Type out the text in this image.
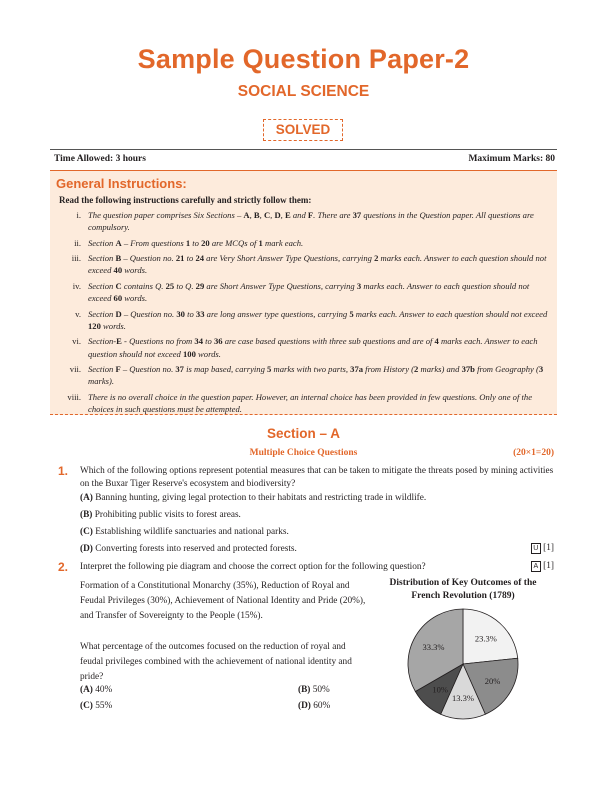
Sample Question Paper-2
SOCIAL SCIENCE
SOLVED
Time Allowed: 3 hours	Maximum Marks: 80
General Instructions:
Read the following instructions carefully and strictly follow them:
i. The question paper comprises Six Sections – A, B, C, D, E and F. There are 37 questions in the Question paper. All questions are compulsory.
ii. Section A – From questions 1 to 20 are MCQs of 1 mark each.
iii. Section B – Question no. 21 to 24 are Very Short Answer Type Questions, carrying 2 marks each. Answer to each question should not exceed 40 words.
iv. Section C contains Q. 25 to Q. 29 are Short Answer Type Questions, carrying 3 marks each. Answer to each question should not exceed 60 words.
v. Section D – Question no. 30 to 33 are long answer type questions, carrying 5 marks each. Answer to each question should not exceed 120 words.
vi. Section-E - Questions no from 34 to 36 are case based questions with three sub questions and are of 4 marks each. Answer to each question should not exceed 100 words.
vii. Section F – Question no. 37 is map based, carrying 5 marks with two parts, 37a from History (2 marks) and 37b from Geography (3 marks).
viii. There is no overall choice in the question paper. However, an internal choice has been provided in few questions. Only one of the choices in such questions must be attempted.
Section – A
Multiple Choice Questions	(20×1=20)
1. Which of the following options represent potential measures that can be taken to mitigate the threats posed by mining activities on the Buxar Tiger Reserve's ecosystem and biodiversity?
(A) Banning hunting, giving legal protection to their habitats and restricting trade in wildlife.
(B) Prohibiting public visits to forest areas.
(C) Establishing wildlife sanctuaries and national parks.
(D) Converting forests into reserved and protected forests.	U [1]
2. Interpret the following pie diagram and choose the correct option for the following question?	A [1]
Formation of a Constitutional Monarchy (35%), Reduction of Royal and Feudal Privileges (30%), Achievement of National Identity and Pride (20%), and Transfer of Sovereignty to the People (15%).
What percentage of the outcomes focused on the reduction of royal and feudal privileges combined with the achievement of national identity and pride?
(A) 40%	(B) 50%
(C) 55%	(D) 60%
Distribution of Key Outcomes of the
French Revolution (1789)
23.3%
20%
13.3%
10%
33.3%
